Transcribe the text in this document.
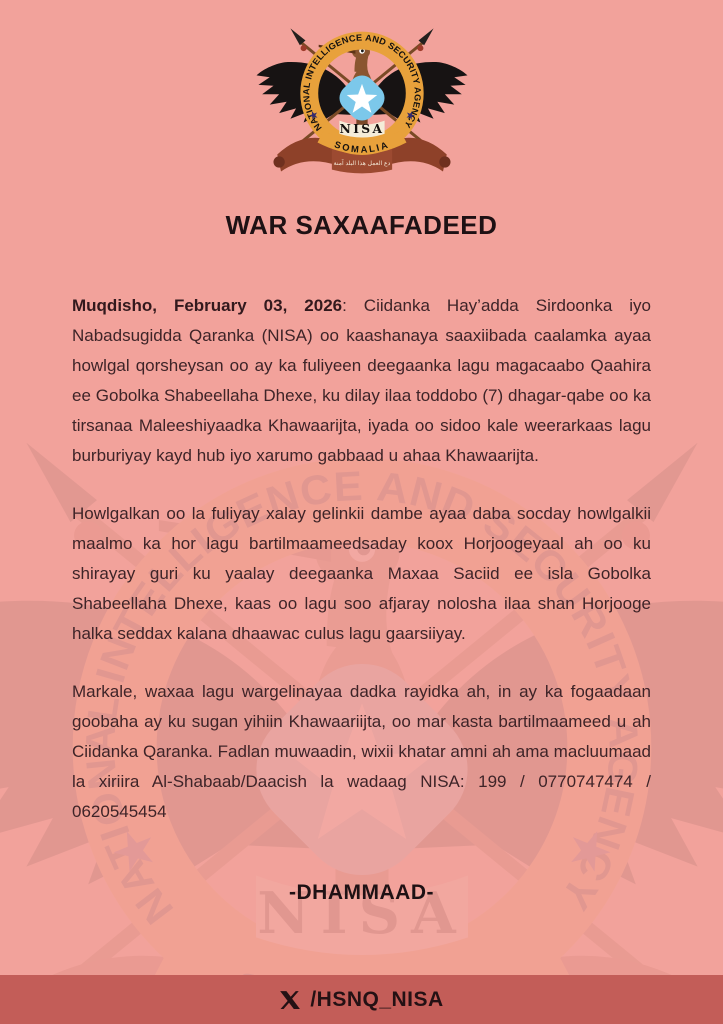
WAR SAXAAFADEED

Muqdisho, February 03, 2026: Ciidanka Hay’adda Sirdoonka iyo Nabadsugidda Qaranka (NISA) oo kaashanaya saaxiibada caalamka ayaa howlgal qorsheysan oo ay ka fuliyeen deegaanka lagu magacaabo Qaahira ee Gobolka Shabeellaha Dhexe, ku dilay ilaa toddobo (7) dhagar-qabe oo ka tirsanaa Maleeshiyaadka Khawaarijta, iyada oo sidoo kale weerarkaas lagu burburiyay kayd hub iyo xarumo gabbaad u ahaa Khawaarijta.

Howlgalkan oo la fuliyay xalay gelinkii dambe ayaa daba socday howlgalkii maalmo ka hor lagu bartilmaameedsaday koox Horjoogeyaal ah oo ku shirayay guri ku yaalay deegaanka Maxaa Saciid ee isla Gobolka Shabeellaha Dhexe, kaas oo lagu soo afjaray nolosha ilaa shan Horjooge halka seddax kalana dhaawac culus lagu gaarsiiyay.

Markale, waxaa lagu wargelinayaa dadka rayidka ah, in ay ka fogaadaan goobaha ay ku sugan yihiin Khawaariijta, oo mar kasta bartilmaameed u ah Ciidanka Qaranka. Fadlan muwaadin, wixii khatar amni ah ama macluumaad la xiriira Al-Shabaab/Daacish la wadaag NISA: 199 / 0770747474 / 0620545454

-DHAMMAAD-
/HSNQ_NISA
